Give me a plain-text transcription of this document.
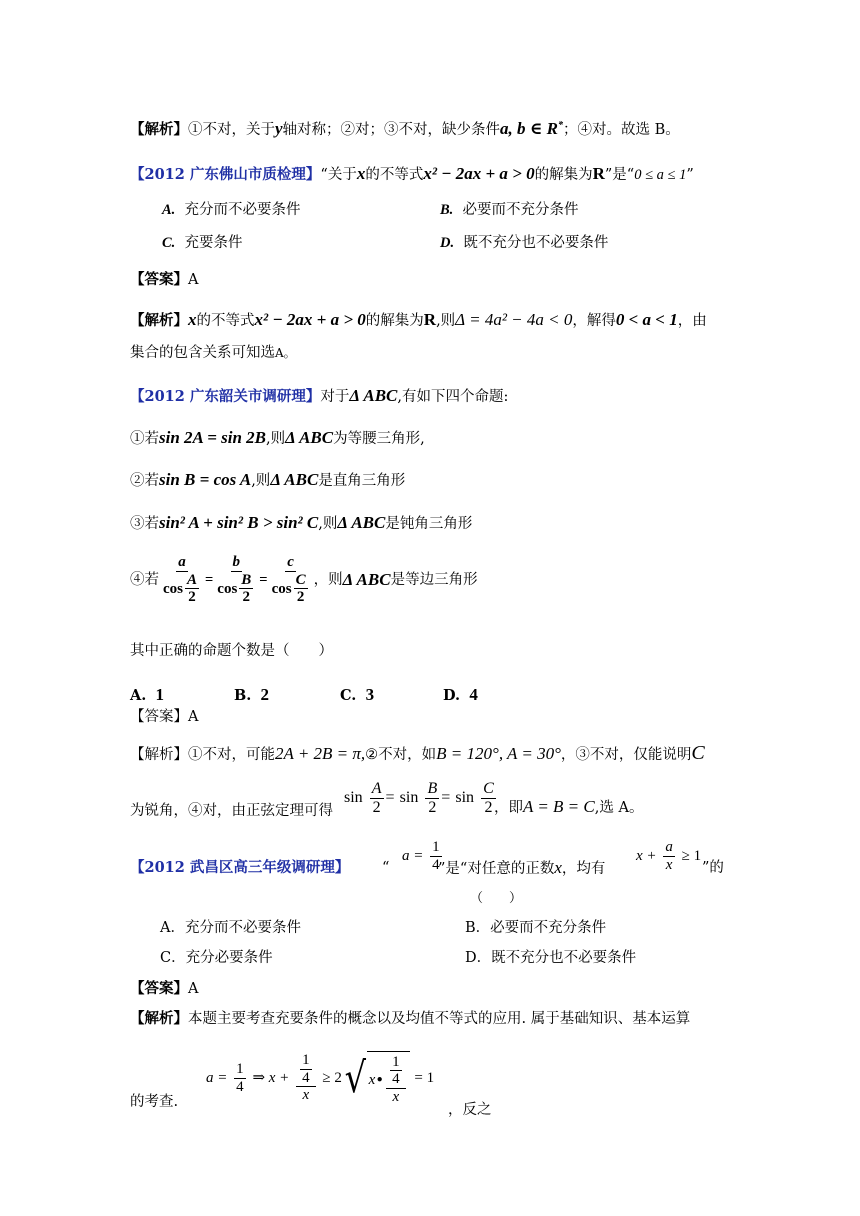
【解析】①不对，关于y轴对称；②对；③不对，缺少条件a, b ∈ R*；④对。故选 B。
【2012 广东佛山市质检理】“关于x的不等式x² − 2ax + a > 0的解集为R”是“0 ≤ a ≤ 1”
A. 充分而不必要条件	B. 必要而不充分条件
C. 充要条件	D. 既不充分也不必要条件
【答案】A
【解析】x的不等式x² − 2ax + a > 0的解集为R,则Δ = 4a² − 4a < 0，解得0 < a < 1，由
集合的包含关系可知选A。
【2012 广东韶关市调研理】对于Δ ABC,有如下四个命题:
①若sin 2A = sin 2B,则Δ ABC为等腰三角形,
②若sin B = cos A,则Δ ABC是直角三角形
③若sin² A + sin² B > sin² C,则Δ ABC是钝角三角形
④若 $\frac{a}{\cos \frac{A}{2}} = \frac{b}{\cos \frac{B}{2}} = \frac{c}{\cos \frac{C}{2}}$ ，则 Δ ABC 是等边三角形
其中正确的命题个数是（　　）
A. 1	B. 2	C. 3	D. 4
【答案】A
【解析】①不对，可能2A + 2B = π,②不对，如B = 120°, A = 30°，③不对，仅能说明C
sin
$\frac{A}{2}$ =
sin
$\frac{B}{2}$ =
sin
$\frac{C}{2}$
为锐角，④对，由正弦定理可得	，即A = B = C,选 A。
【2012 武昌区高三年级调研理】 “
a =
$\frac{1}{4}$
”是“对任意的正数x，均有
x +
$\frac{a}{x}$
≥ 1
”的
（　　）
A．充分而不必要条件	B．必要而不充分条件
C．充分必要条件	D．既不充分也不必要条件
【答案】A
【解析】本题主要考查充要条件的概念以及均值不等式的应用. 属于基础知识、基本运算
的考查.
a =
$\frac{1}{4}$
⇒ x +
$\frac{\frac{1}{4}}{x}$
≥ 2 √ x • $\frac{\frac{1}{4}}{x}$
= 1
，反之
